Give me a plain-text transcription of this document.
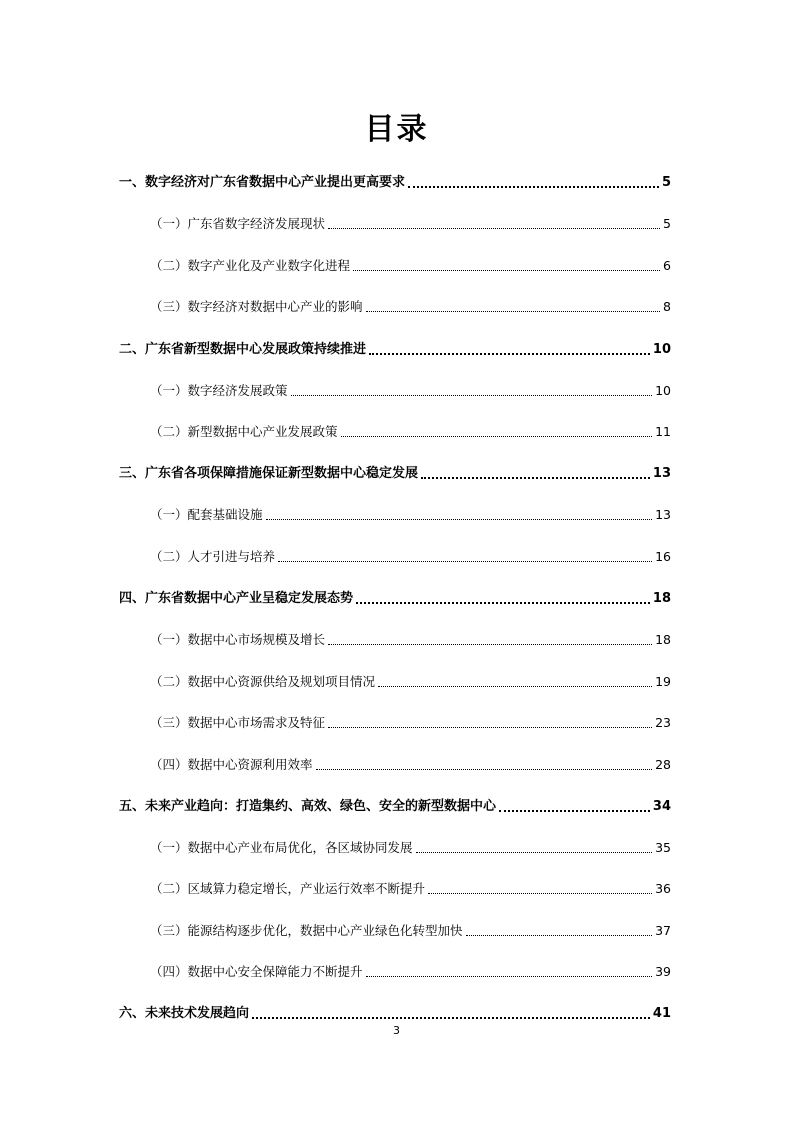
目录
一、数字经济对广东省数据中心产业提出更高要求	5
（一）广东省数字经济发展现状	5
（二）数字产业化及产业数字化进程	6
（三）数字经济对数据中心产业的影响	8
二、广东省新型数据中心发展政策持续推进	10
（一）数字经济发展政策	10
（二）新型数据中心产业发展政策	11
三、广东省各项保障措施保证新型数据中心稳定发展	13
（一）配套基础设施	13
（二）人才引进与培养	16
四、广东省数据中心产业呈稳定发展态势	18
（一）数据中心市场规模及增长	18
（二）数据中心资源供给及规划项目情况	19
（三）数据中心市场需求及特征	23
（四）数据中心资源利用效率	28
五、未来产业趋向：打造集约、高效、绿色、安全的新型数据中心	34
（一）数据中心产业布局优化，各区域协同发展	35
（二）区域算力稳定增长，产业运行效率不断提升	36
（三）能源结构逐步优化，数据中心产业绿色化转型加快	37
（四）数据中心安全保障能力不断提升	39
六、未来技术发展趋向	41
3
